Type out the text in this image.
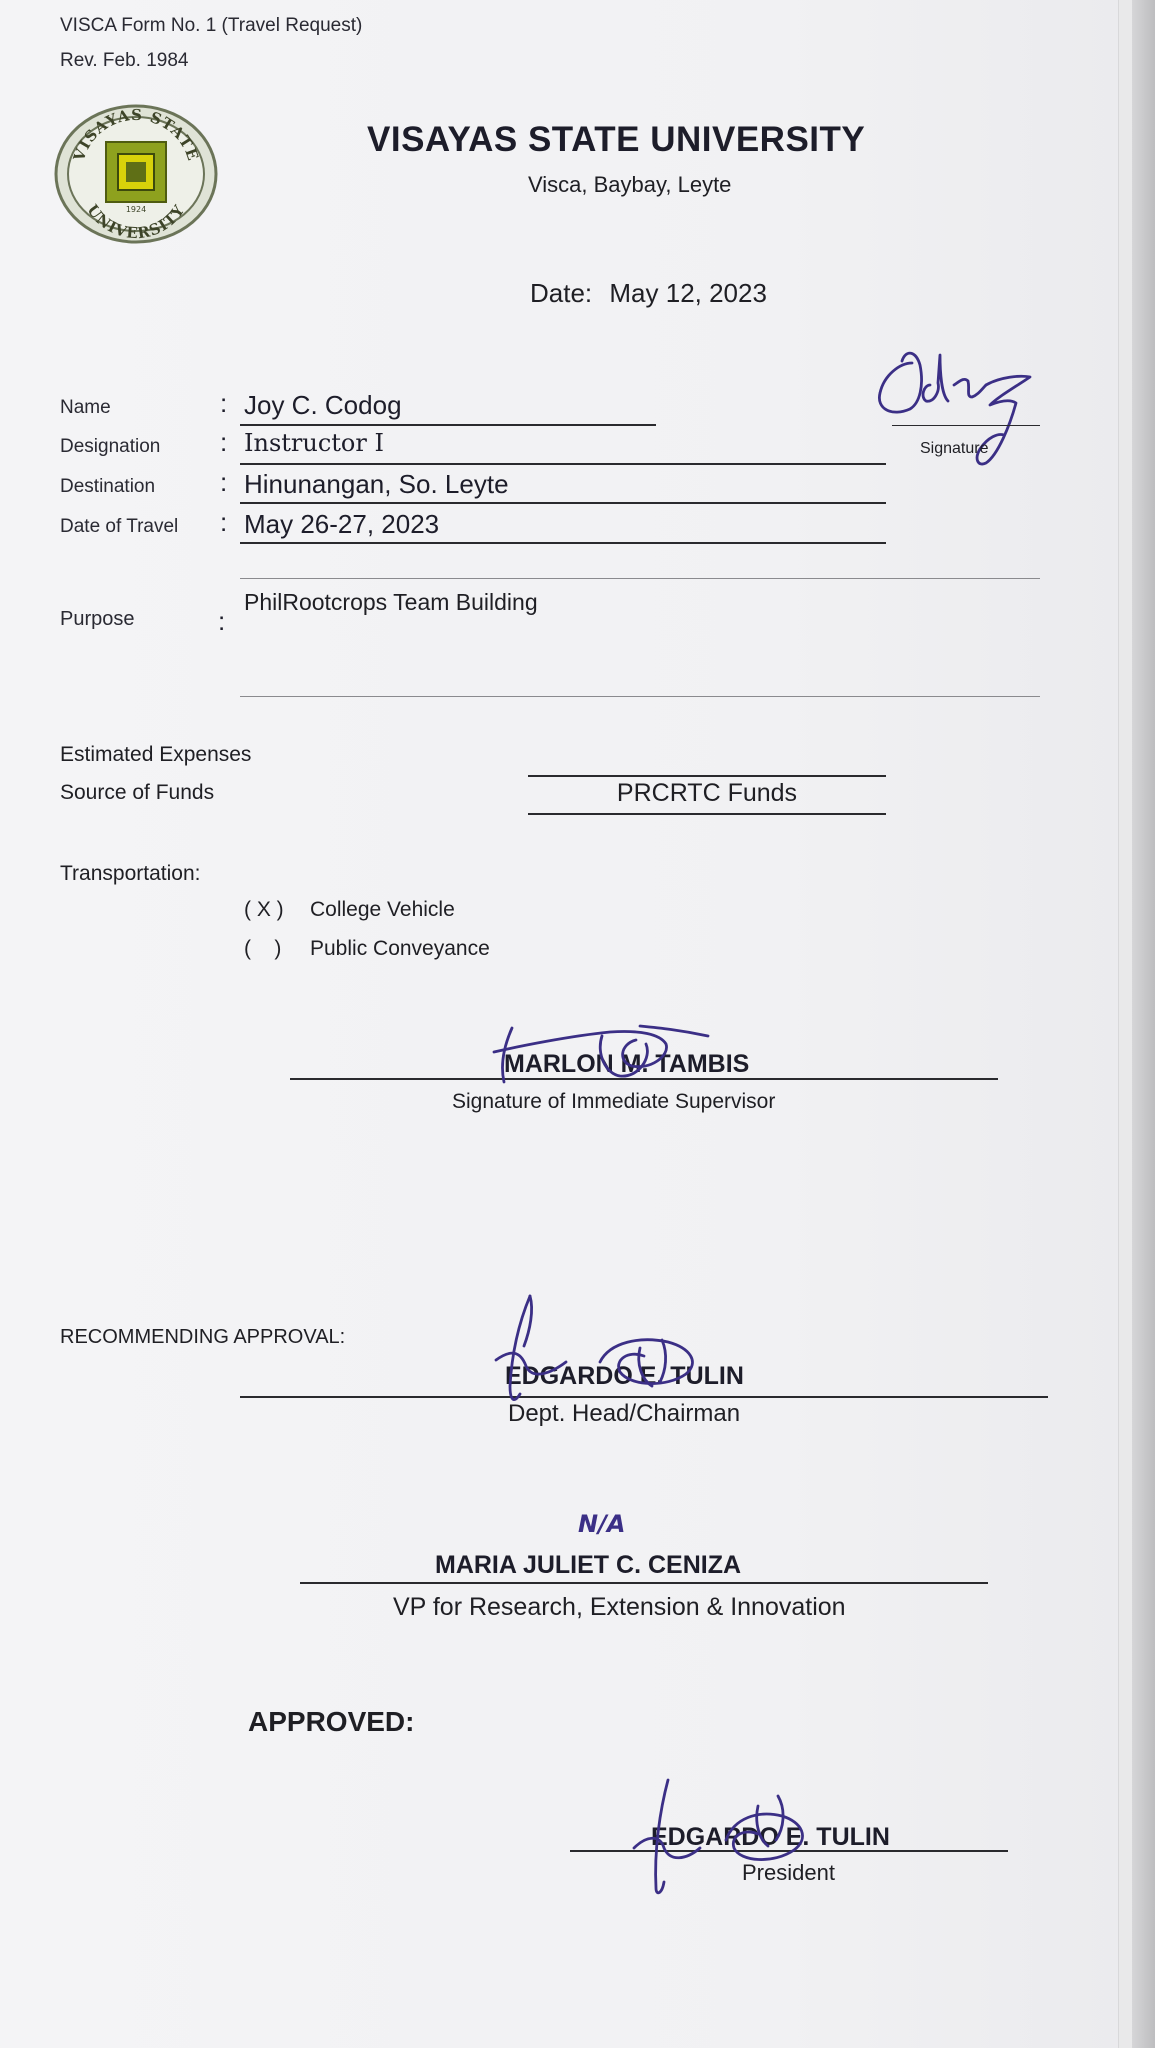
VISCA Form No. 1 (Travel Request)
Rev. Feb. 1984
VISAYAS STATE
UNIVERSITY
1924
VISAYAS STATE UNIVERSITY
Visca, Baybay, Leyte
Date: May 12, 2023
Name	: Joy C. Codog
Designation : Instructor I
Destination : Hinunangan, So. Leyte
Date of Travel : May 26-27, 2023
Signature
Purpose	:
PhilRootcrops Team Building
Estimated Expenses
Source of Funds	PRCRTC Funds
Transportation:
( X ) College Vehicle
(    ) Public Conveyance
MARLON M. TAMBIS
Signature of Immediate Supervisor
RECOMMENDING APPROVAL:
EDGARDO E. TULIN
Dept. Head/Chairman
N/A
MARIA JULIET C. CENIZA
VP for Research, Extension & Innovation
APPROVED:
EDGARDO E. TULIN
President
